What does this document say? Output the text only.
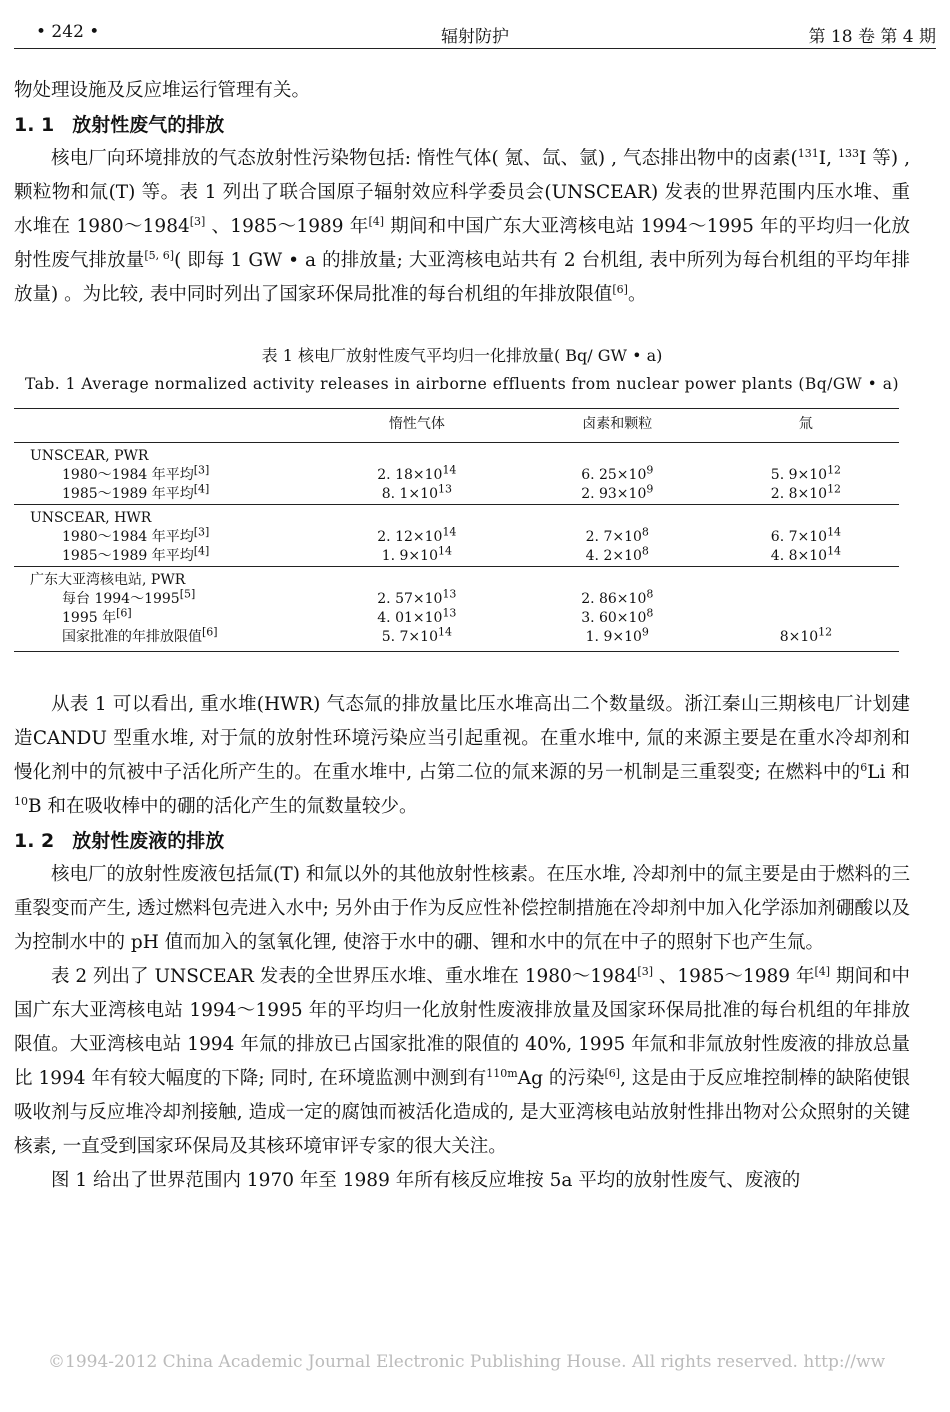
• 242 •	辐射防护	第 18 卷 第 4 期

物处理设施及反应堆运行管理有关。

1. 1 放射性废气的排放

核电厂向环境排放的气态放射性污染物包括: 惰性气体( 氪、氙、氩) , 气态排出物中的卤素($^{131}$I, $^{133}$I 等) , 颗粒物和氚(T) 等。表 1 列出了联合国原子辐射效应科学委员会(UNSCEAR) 发表的世界范围内压水堆、重水堆在 1980～1984[3] 、1985～1989 年[4] 期间和中国广东大亚湾核电站 1994～1995 年的平均归一化放射性废气排放量[5, 6]( 即每 1 GW • a 的排放量; 大亚湾核电站共有 2 台机组, 表中所列为每台机组的平均年排放量) 。为比较, 表中同时列出了国家环保局批准的每台机组的年排放限值[6]。

表 1 核电厂放射性废气平均归一化排放量( Bq/ GW • a)
Tab. 1 Average normalized activity releases in airborne effluents from nuclear power plants (Bq/GW • a)
	惰性气体	卤素和颗粒	氚
UNSCEAR, PWR			
1980～1984 年平均[3]	2. $18\times 10^{14}$	6. $25\times 10^9$	5. $9\times 10^{12}$
1985～1989 年平均[4]	8. $1\times 10^{13}$	2. $93\times 10^9$	2. $8\times 10^{12}$
UNSCEAR, HWR			
1980～1984 年平均[3]	2. $12\times 10^{14}$	2. $7\times 10^8$	6. $7\times 10^{14}$
1985～1989 年平均[4]	1. $9\times 10^{14}$	4. $2\times 10^8$	4. $8\times 10^{14}$
广东大亚湾核电站, PWR			
每台 1994～1995[5]	2. $57\times 10^{13}$	2. $86\times 10^8$	
1995 年[6]	4. $01\times 10^{13}$	3. $60\times 10^8$	
国家批准的年排放限值[6]	5. $7\times 10^{14}$	1. $9\times 10^9$	$8\times 10^{12}$

从表 1 可以看出, 重水堆(HWR) 气态氚的排放量比压水堆高出二个数量级。浙江秦山三期核电厂计划建造CANDU 型重水堆, 对于氚的放射性环境污染应当引起重视。在重水堆中, 氚的来源主要是在重水冷却剂和慢化剂中的氘被中子活化所产生的。在重水堆中, 占第二位的氚来源的另一机制是三重裂变; 在燃料中的$^6$Li 和$^{10}$B 和在吸收棒中的硼的活化产生的氚数量较少。

1. 2 放射性废液的排放

核电厂的放射性废液包括氚(T) 和氚以外的其他放射性核素。在压水堆, 冷却剂中的氚主要是由于燃料的三重裂变而产生, 透过燃料包壳进入水中; 另外由于作为反应性补偿控制措施在冷却剂中加入化学添加剂硼酸以及为控制水中的 pH 值而加入的氢氧化锂, 使溶于水中的硼、锂和水中的氘在中子的照射下也产生氚。

表 2 列出了 UNSCEAR 发表的全世界压水堆、重水堆在 1980～1984[3] 、1985～1989 年[4] 期间和中国广东大亚湾核电站 1994～1995 年的平均归一化放射性废液排放量及国家环保局批准的每台机组的年排放限值。大亚湾核电站 1994 年氚的排放已占国家批准的限值的 40%, 1995 年氚和非氚放射性废液的排放总量比 1994 年有较大幅度的下降; 同时, 在环境监测中测到有$^{110m}$Ag 的污染[6], 这是由于反应堆控制棒的缺陷使银吸收剂与反应堆冷却剂接触, 造成一定的腐蚀而被活化造成的, 是大亚湾核电站放射性排出物对公众照射的关键核素, 一直受到国家环保局及其核环境审评专家的很大关注。

图 1 给出了世界范围内 1970 年至 1989 年所有核反应堆按 5a 平均的放射性废气、废液的

©1994-2012 China Academic Journal Electronic Publishing House. All rights reserved. http://ww
